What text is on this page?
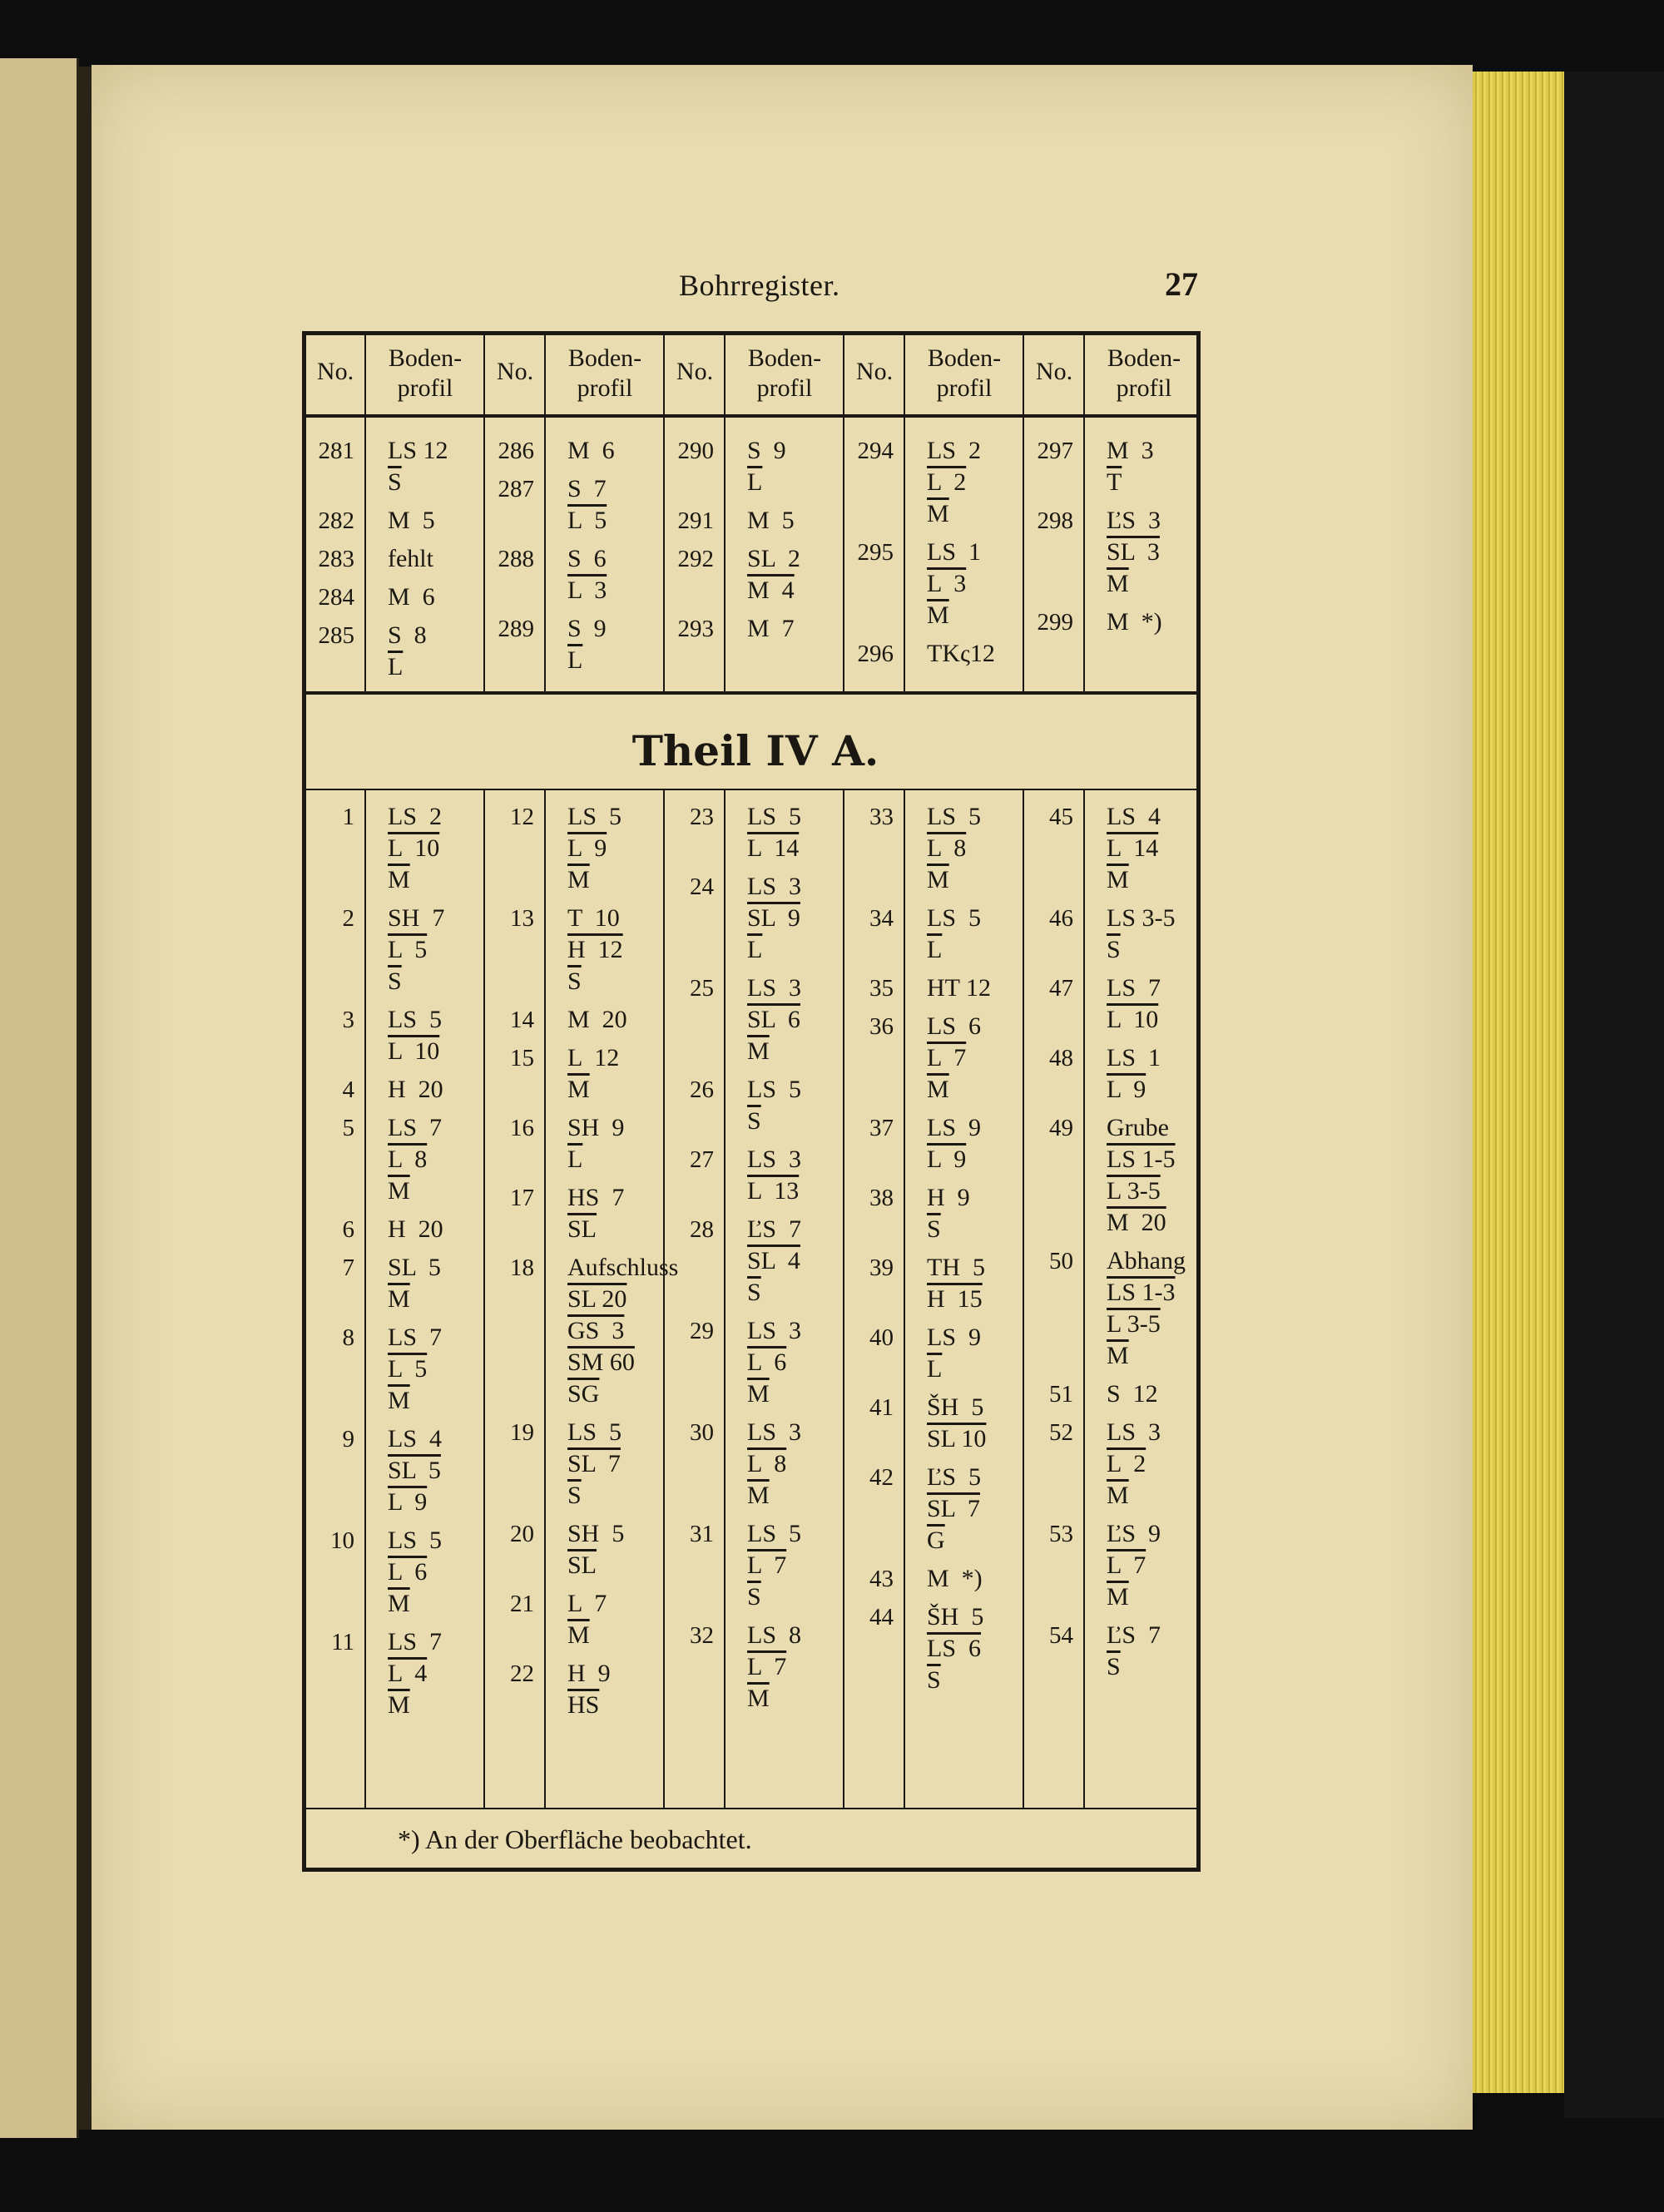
Bohrregister.	27
Theil IV A.
*) An der Oberfläche beobachtet.
No.	Boden-
profil
No.	Boden-
profil
No.	Boden-
profil
No.	Boden-
profil
No.	Boden-
profil
281 LS 12
$\overline{S}$
282 M  5
283 fehlt
284 M  6
285 S  8
$\overline{L}$
286 M  6
287 S  7
L  5
288 S  6
L  3
289 S  9
$\overline{L}$
290 S  9
$\overline{L}$
291 M  5
292 SL  2
M  4
293 M  7
294 LS  2
L  2
$\overline{M}$
295 LS  1
L  3
$\overline{M}$
296 TKς12
297 M  3
$\overline{T}$
298 ĽS  3
SL  3
$\overline{M}$
299 M  *)
1 LS  2
L  10
$\overline{M}$
2 SH  7
L  5
$\overline{S}$
3 LS  5
L  10
4 H  20
5 LS  7
L  8
$\overline{M}$
6 H  20
7 SL  5
$\overline{M}$
8 LS  7
L  5
$\overline{M}$
9 LS  4
SL  5
L  9
10 LS  5
L  6
$\overline{M}$
11 LS  7
L  4
$\overline{M}$
12 LS  5
L  9
$\overline{M}$
13 T  10
H  12
$\overline{S}$
14 M  20
15 L  12
$\overline{M}$
16 SH  9
$\overline{L}$
17 HS  7
$\overline{SL}$
18 Aufschluss
SL 20
GS  3
SM 60
$\overline{SG}$
19 LS  5
SL  7
$\overline{S}$
20 SH  5
$\overline{SL}$
21 L  7
$\overline{M}$
22 H  9
$\overline{HS}$
23 LS  5
L  14
24 LS  3
SL  9
$\overline{L}$
25 LS  3
SL  6
$\overline{M}$
26 LS  5
$\overline{S}$
27 LS  3
L  13
28 ĽS  7
SL  4
$\overline{S}$
29 LS  3
L  6
$\overline{M}$
30 LS  3
L  8
$\overline{M}$
31 LS  5
L  7
$\overline{S}$
32 LS  8
L  7
$\overline{M}$
33 LS  5
L  8
$\overline{M}$
34 LS  5
$\overline{L}$
35 HT 12
36 LS  6
L  7
$\overline{M}$
37 LS  9
L  9
38 H  9
$\overline{S}$
39 TH  5
H  15
40 LS  9
$\overline{L}$
41 ŠH  5
SL 10
42 ĽS  5
SL  7
$\overline{G}$
43 M  *)
44 ŠH  5
LS  6
$\overline{S}$
45 LS  4
L  14
$\overline{M}$
46 LS 3-5
$\overline{S}$
47 LS  7
L  10
48 LS  1
L  9
49 Grube
LS 1-5
L 3-5
M  20
50 Abhang
LS 1-3
L 3-5
$\overline{M}$
51 S  12
52 LS  3
L  2
$\overline{M}$
53 ĽS  9
L  7
$\overline{M}$
54 ĽS  7
$\overline{S}$
